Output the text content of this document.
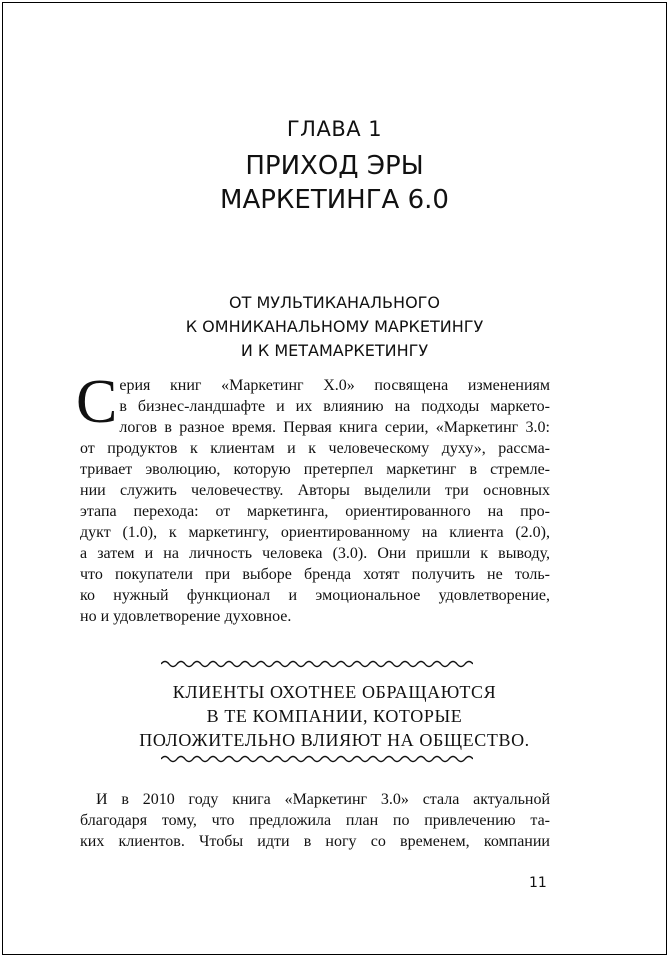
ГЛАВА 1
ПРИХОД ЭРЫ
МАРКЕТИНГА 6.0
ОТ МУЛЬТИКАНАЛЬНОГО
К ОМНИКАНАЛЬНОМУ МАРКЕТИНГУ
И К МЕТАМАРКЕТИНГУ
С ерия книг «Маркетинг X.0» посвящена изменениям
в бизнес-ландшафте и их влиянию на подходы маркето-
логов в разное время. Первая книга серии, «Маркетинг 3.0:
от продуктов к клиентам и к человеческому духу», рассма-
тривает эволюцию, которую претерпел маркетинг в стремле-
нии служить человечеству. Авторы выделили три основных
этапа перехода: от маркетинга, ориентированного на про-
дукт (1.0), к маркетингу, ориентированному на клиента (2.0),
а затем и на личность человека (3.0). Они пришли к выводу,
что покупатели при выборе бренда хотят получить не толь-
ко нужный функционал и эмоциональное удовлетворение,
но и удовлетворение духовное.
КЛИЕНТЫ ОХОТНЕЕ ОБРАЩАЮТСЯ
В ТЕ КОМПАНИИ, КОТОРЫЕ
ПОЛОЖИТЕЛЬНО ВЛИЯЮТ НА ОБЩЕСТВО.
И в 2010 году книга «Маркетинг 3.0» стала актуальной
благодаря тому, что предложила план по привлечению та-
ких клиентов. Чтобы идти в ногу со временем, компании
11
